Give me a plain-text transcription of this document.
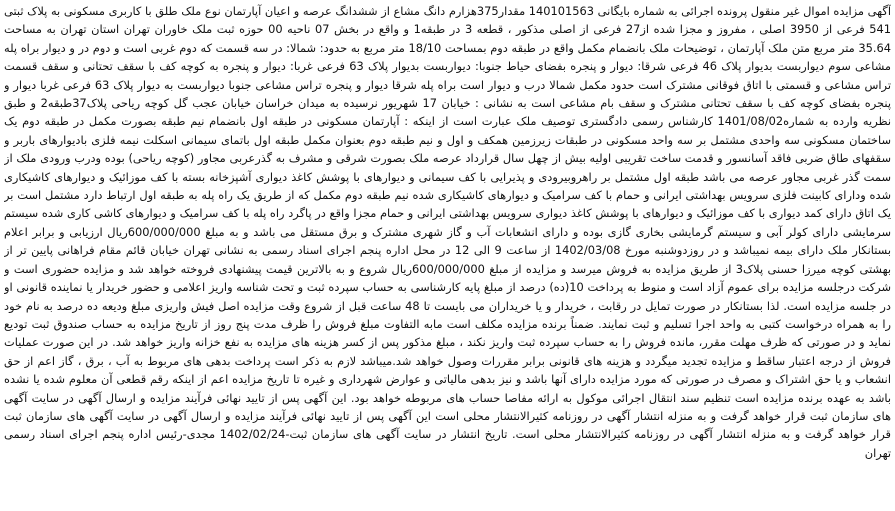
آگهی مزایده اموال غیر منقول پرونده اجرائی به شماره بایگانی 140101563 مقدار375هزارم دانگ مشاع از ششدانگ عرصه و اعیان آپارتمان نوع ملک طلق با کاربری مسکونی به پلاک ثبتی 541 فرعی از 3950 اصلی ، مفروز و مجزا شده از27 فرعی از اصلی مذکور ، قطعه 3 در طبقه1 و واقع در بخش 07 ناحیه 00 حوزه ثبت ملک خاوران تهران استان تهران به مساحت 35.64 متر مربع متن ملک آپارتمان ، توضیحات ملک بانضمام مکمل واقع در طبقه دوم بمساحت 18/10 متر مربع به حدود: شمالا: در سه قسمت که دوم غربی است و دوم در و دیوار براه پله مشاعی سوم دیواربست بدیوار پلاک 46 فرعی شرقا: دیوار و پنجره بفضای حیاط جنوبا: دیواربست بدیوار پلاک 63 فرعی غربا: دیوار و پنجره به کوچه کف با سقف تحتانی و سقف قسمت تراس مشاعی و قسمتی با اتاق فوقانی مشترک است حدود مکمل شمالا درب و دیوار است براه پله شرقا دیوار و پنجره تراس مشاعی جنوبا دیواربست به دیوار پلاک 63 فرعی غربا دیوار و پنجره بفضای کوچه کف با سقف تحتانی مشترک و سقف بام مشاعی است به نشانی : خیابان 17 شهریور نرسیده به میدان خراسان خیابان عجب گل کوچه ریاحی پلاک37طبقه2 و طبق نظریه وارده به شماره1401/08/02 کارشناس رسمی دادگستری توصیف ملک عبارت است از اینکه : آپارتمان مسکونی در طبقه اول بانضمام نیم طبقه بصورت مکمل در طبقه دوم یک ساختمان مسکونی سه واحدی مشتمل بر سه واحد مسکونی در طبقات زیرزمین همکف و اول و نیم طبقه دوم بعنوان مکمل طبقه اول باتمای سیمانی اسکلت نیمه فلزی بادیوارهای باربر و سقفهای طاق ضربی فاقد آسانسور و قدمت ساخت تقریبی اولیه بیش از چهل سال قرارداد عرصه ملک بصورت شرقی و مشرف به گذرعربی مجاور (کوچه ریاحی) بوده ودرب ورودی ملک از سمت گذر غربی مجاور عرصه می باشد طبقه اول مشتمل بر راهروبیرودی و پذیرایی با کف سیمانی و دیوارهای با پوشش کاغذ دیواری آشپزخانه بسته با کف موزائیک و دیوارهای کاشیکاری شده ودارای کابینت فلزی سرویس بهداشتی ایرانی و حمام با کف سرامیک و دیوارهای کاشیکاری شده نیم طبقه دوم مکمل که از طریق یک راه پله به طبقه اول ارتباط دارد مشتمل است بر یک اتاق دارای کمد دیواری با کف موزائیک و دیوارهای با پوشش کاغذ دیواری سرویس بهداشتی ایرانی و حمام مجزا واقع در پاگرد راه پله با کف سرامیک و دیوارهای کاشی کاری شده سیستم سرمایشی دارای کولر آبی و سیستم گرمایشی بخاری گازی بوده و دارای انشعابات آب و گاز شهری مشترک و برق مستقل می باشد و به مبلغ 600/000/000ریال ارزیابی و برابر اعلام بستانکار ملک دارای بیمه نمیباشد و در روزدوشنبه مورخ 1402/03/08 از ساعت 9 الی 12 در محل اداره پنجم اجرای اسناد رسمی به نشانی تهران خیابان قائم مقام فراهانی پایین تر از بهشتی کوچه میرزا حسنی پلاک3 از طریق مزایده به فروش میرسد و مزایده از مبلغ 600/000/000ریال شروع و به بالاترین قیمت پیشنهادی فروخته خواهد شد و مزایده حضوری است و شرکت درجلسه مزایده برای عموم آزاد است و منوط به پرداخت 10(ده) درصد از مبلغ پایه کارشناسی به حساب سپرده ثبت و تحت شناسه واریز اعلامی و حضور خریدار یا نماینده قانونی او در جلسه مزایده است. لذا بستانکار در صورت تمایل در رقابت ، خریدار و یا خریداران می بایست تا 48 ساعت قبل از شروع وقت مزایده اصل فیش واریزی مبلغ ودیعه ده درصد به نام خود را به همراه درخواست کتبی به واحد اجرا تسلیم و ثبت نمایند. ضمناً برنده مزایده مکلف است مابه التفاوت مبلغ فروش را ظرف مدت پنج روز از تاریخ مزایده به حساب صندوق ثبت تودیع نماید و در صورتی که ظرف مهلت مقرر، مانده فروش را به حساب سپرده ثبت واریز نکند ، مبلغ مذکور پس از کسر هزینه های مزایده به نفع خزانه واریز خواهد شد. در این صورت عملیات فروش از درجه اعتبار ساقط و مزایده تجدید میگردد و هزینه های قانونی برابر مقررات وصول خواهد شد.میباشد لازم به ذکر است پرداخت بدهی های مربوط به آب ، برق ، گاز اعم از حق انشعاب و یا حق اشتراک و مصرف در صورتی که مورد مزایده دارای آنها باشد و نیز بدهی مالیاتی و عوارض شهرداری و غیره تا تاریخ مزایده اعم از اینکه رقم قطعی آن معلوم شده یا نشده باشد به عهده برنده مزایده است تنظیم سند انتقال اجرائی موکول به ارائه مفاصا حساب های مربوطه خواهد بود. این آگهی پس از تایید نهائی فرآیند مزایده و ارسال آگهی در سایت آگهی های سازمان ثبت قرار خواهد گرفت و به منزله انتشار آگهی در روزنامه کثیرالانتشار محلی است این آگهی پس از تایید نهائی فرآیند مزایده و ارسال آگهی در سایت آگهی های سازمان ثبت قرار خواهد گرفت و به منزله انتشار آگهی در روزنامه کثیرالانتشار محلی است. تاریخ انتشار در سایت آگهی های سازمان ثبت-1402/02/24 مجدی-رئیس اداره پنجم اجرای اسناد رسمی تهران
